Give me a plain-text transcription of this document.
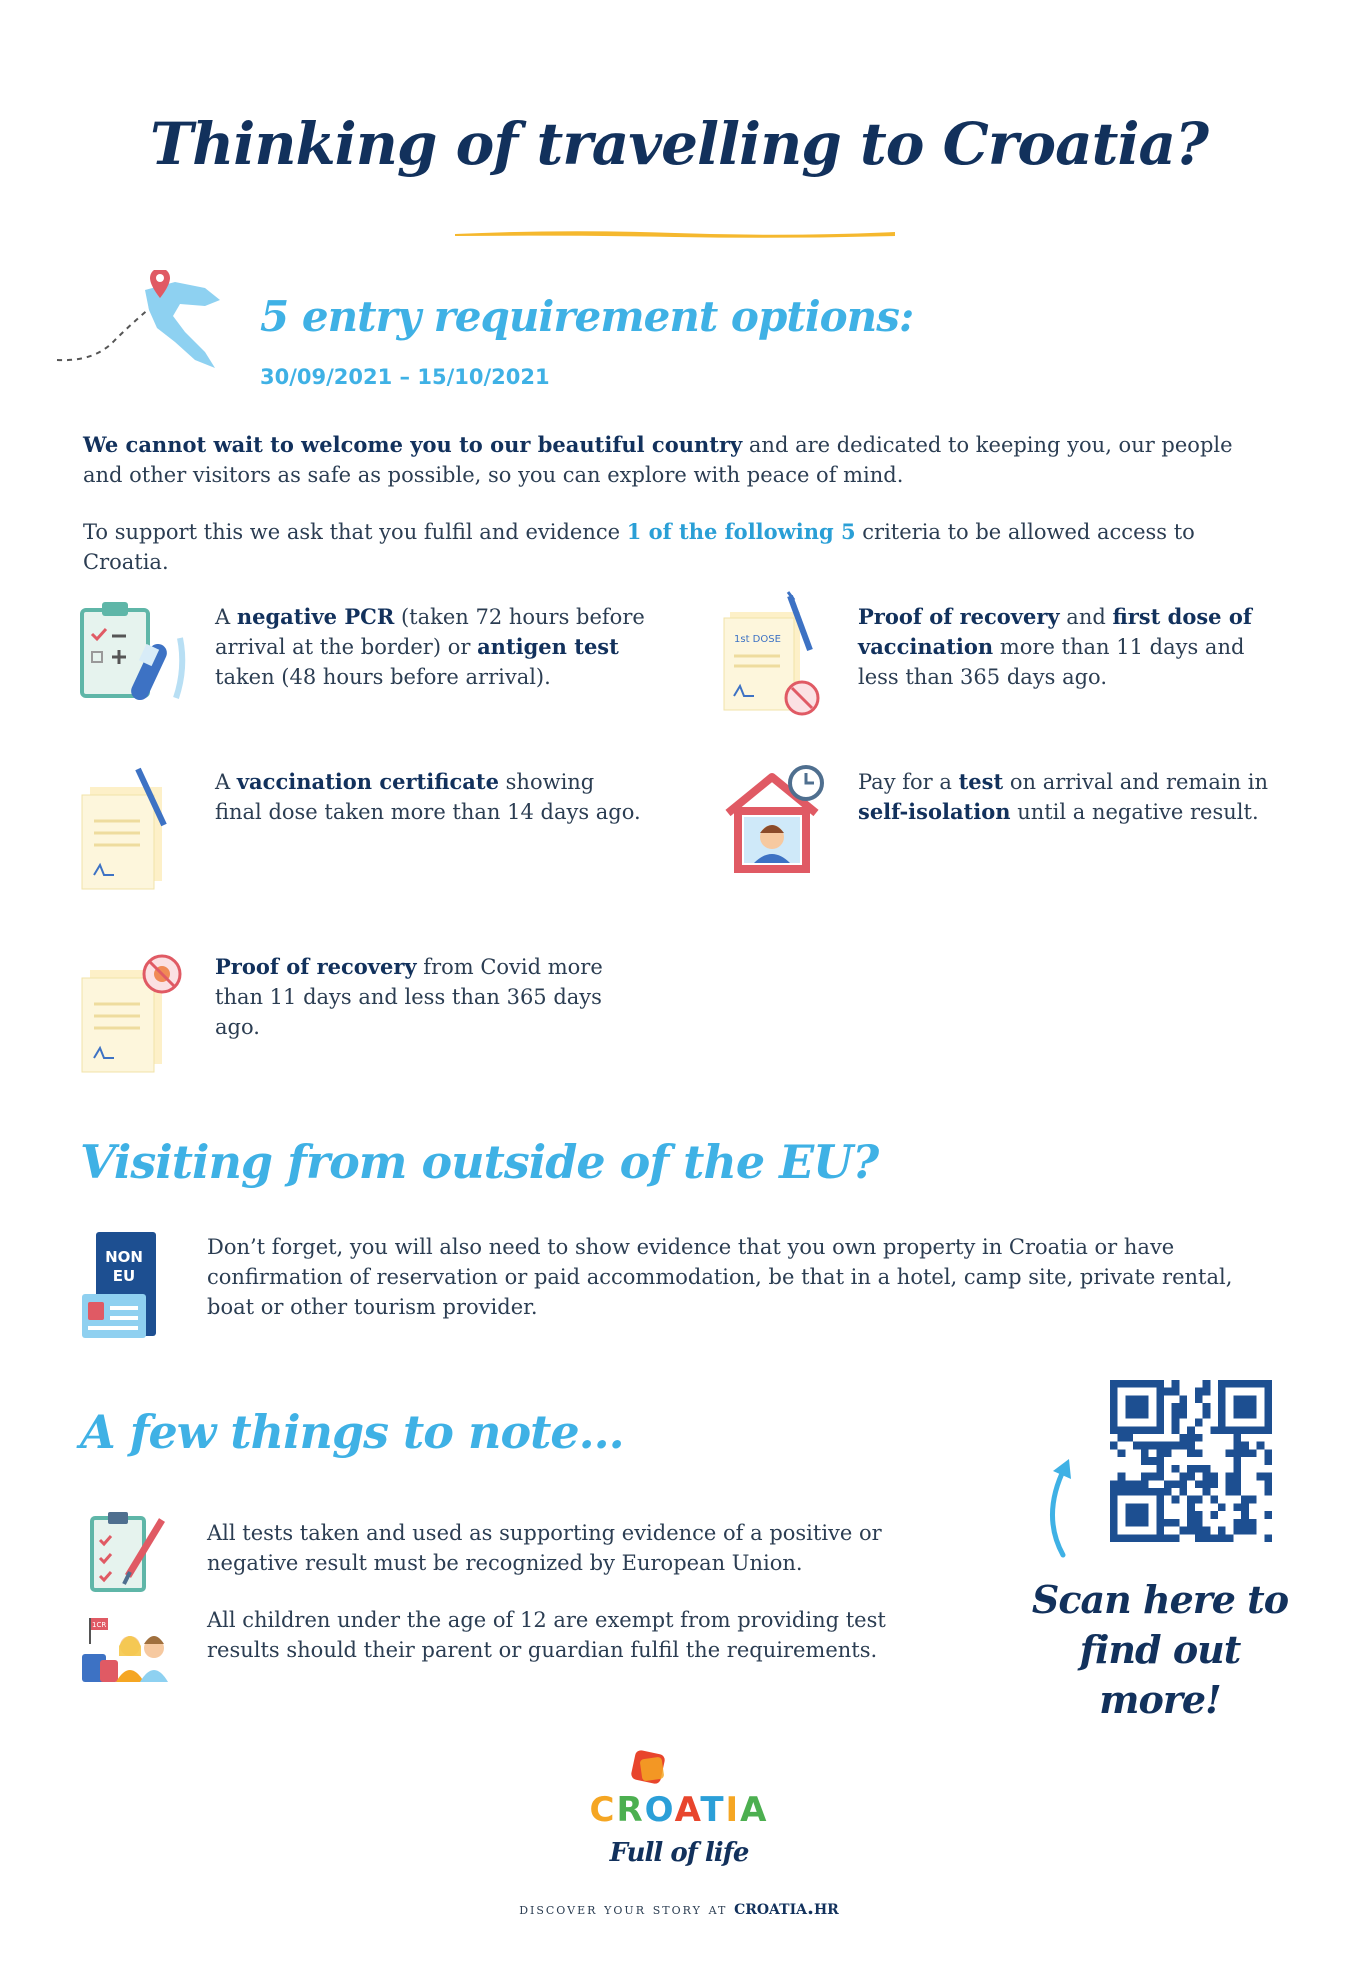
Thinking of travelling to Croatia?
5 entry requirement options:
30/09/2021 – 15/10/2021
We cannot wait to welcome you to our beautiful country and are dedicated to keeping you, our people and other visitors as safe as possible, so you can explore with peace of mind.
To support this we ask that you fulfil and evidence 1 of the following 5 criteria to be allowed access to Croatia.
A negative PCR (taken 72 hours before arrival at the border) or antigen test taken (48 hours before arrival).
1st DOSE
Proof of recovery and first dose of vaccination more than 11 days and less than 365 days ago.
A vaccination certificate showing final dose taken more than 14 days ago.
Pay for a test on arrival and remain in self-isolation until a negative result.
Proof of recovery from Covid more than 11 days and less than 365 days ago.
Visiting from outside of the EU?
NON
EU
Don’t forget, you will also need to show evidence that you own property in Croatia or have confirmation of reservation or paid accommodation, be that in a hotel, camp site, private rental, boat or other tourism provider.
A few things to note...
All tests taken and used as supporting evidence of a positive or negative result must be recognized by European Union.
1CR	All children under the age of 12 are exempt from providing test results should their parent or guardian fulfil the requirements.
Scan here to
find out more!
CROATIA
Full of life
discover your story at croatia.hr
